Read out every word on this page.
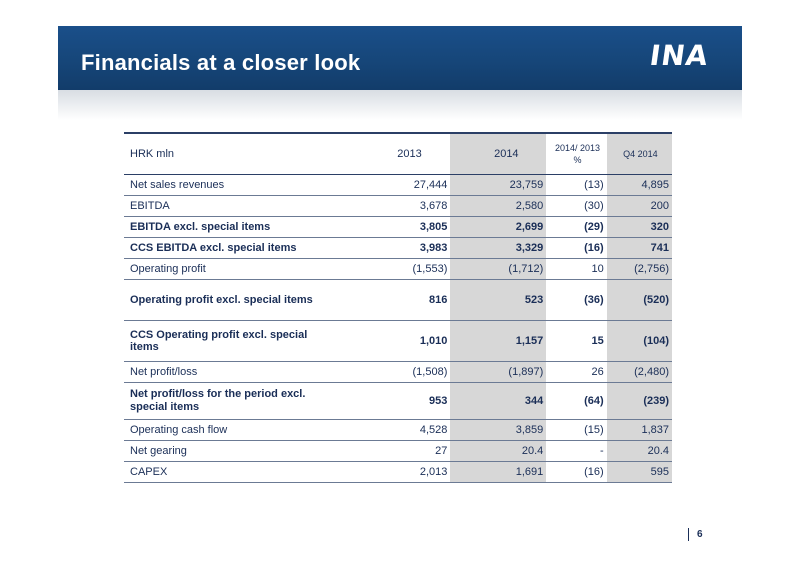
Financials at a closer look	INA
HRK mln	2013	2014	2014/ 2013 %	Q4 2014
Net sales revenues	27,444	23,759	(13)	4,895
EBITDA	3,678	2,580	(30)	200
EBITDA excl. special items	3,805	2,699	(29)	320
CCS EBITDA excl. special items	3,983	3,329	(16)	741
Operating profit	(1,553)	(1,712)	10	(2,756)
Operating profit excl. special items	816	523	(36)	(520)
CCS Operating profit excl. special items	1,010	1,157	15	(104)
Net profit/loss	(1,508)	(1,897)	26	(2,480)
Net profit/loss for the period excl. special items	953	344	(64)	(239)
Operating cash flow	4,528	3,859	(15)	1,837
Net gearing	27	20.4	-	20.4
CAPEX	2,013	1,691	(16)	595
6
